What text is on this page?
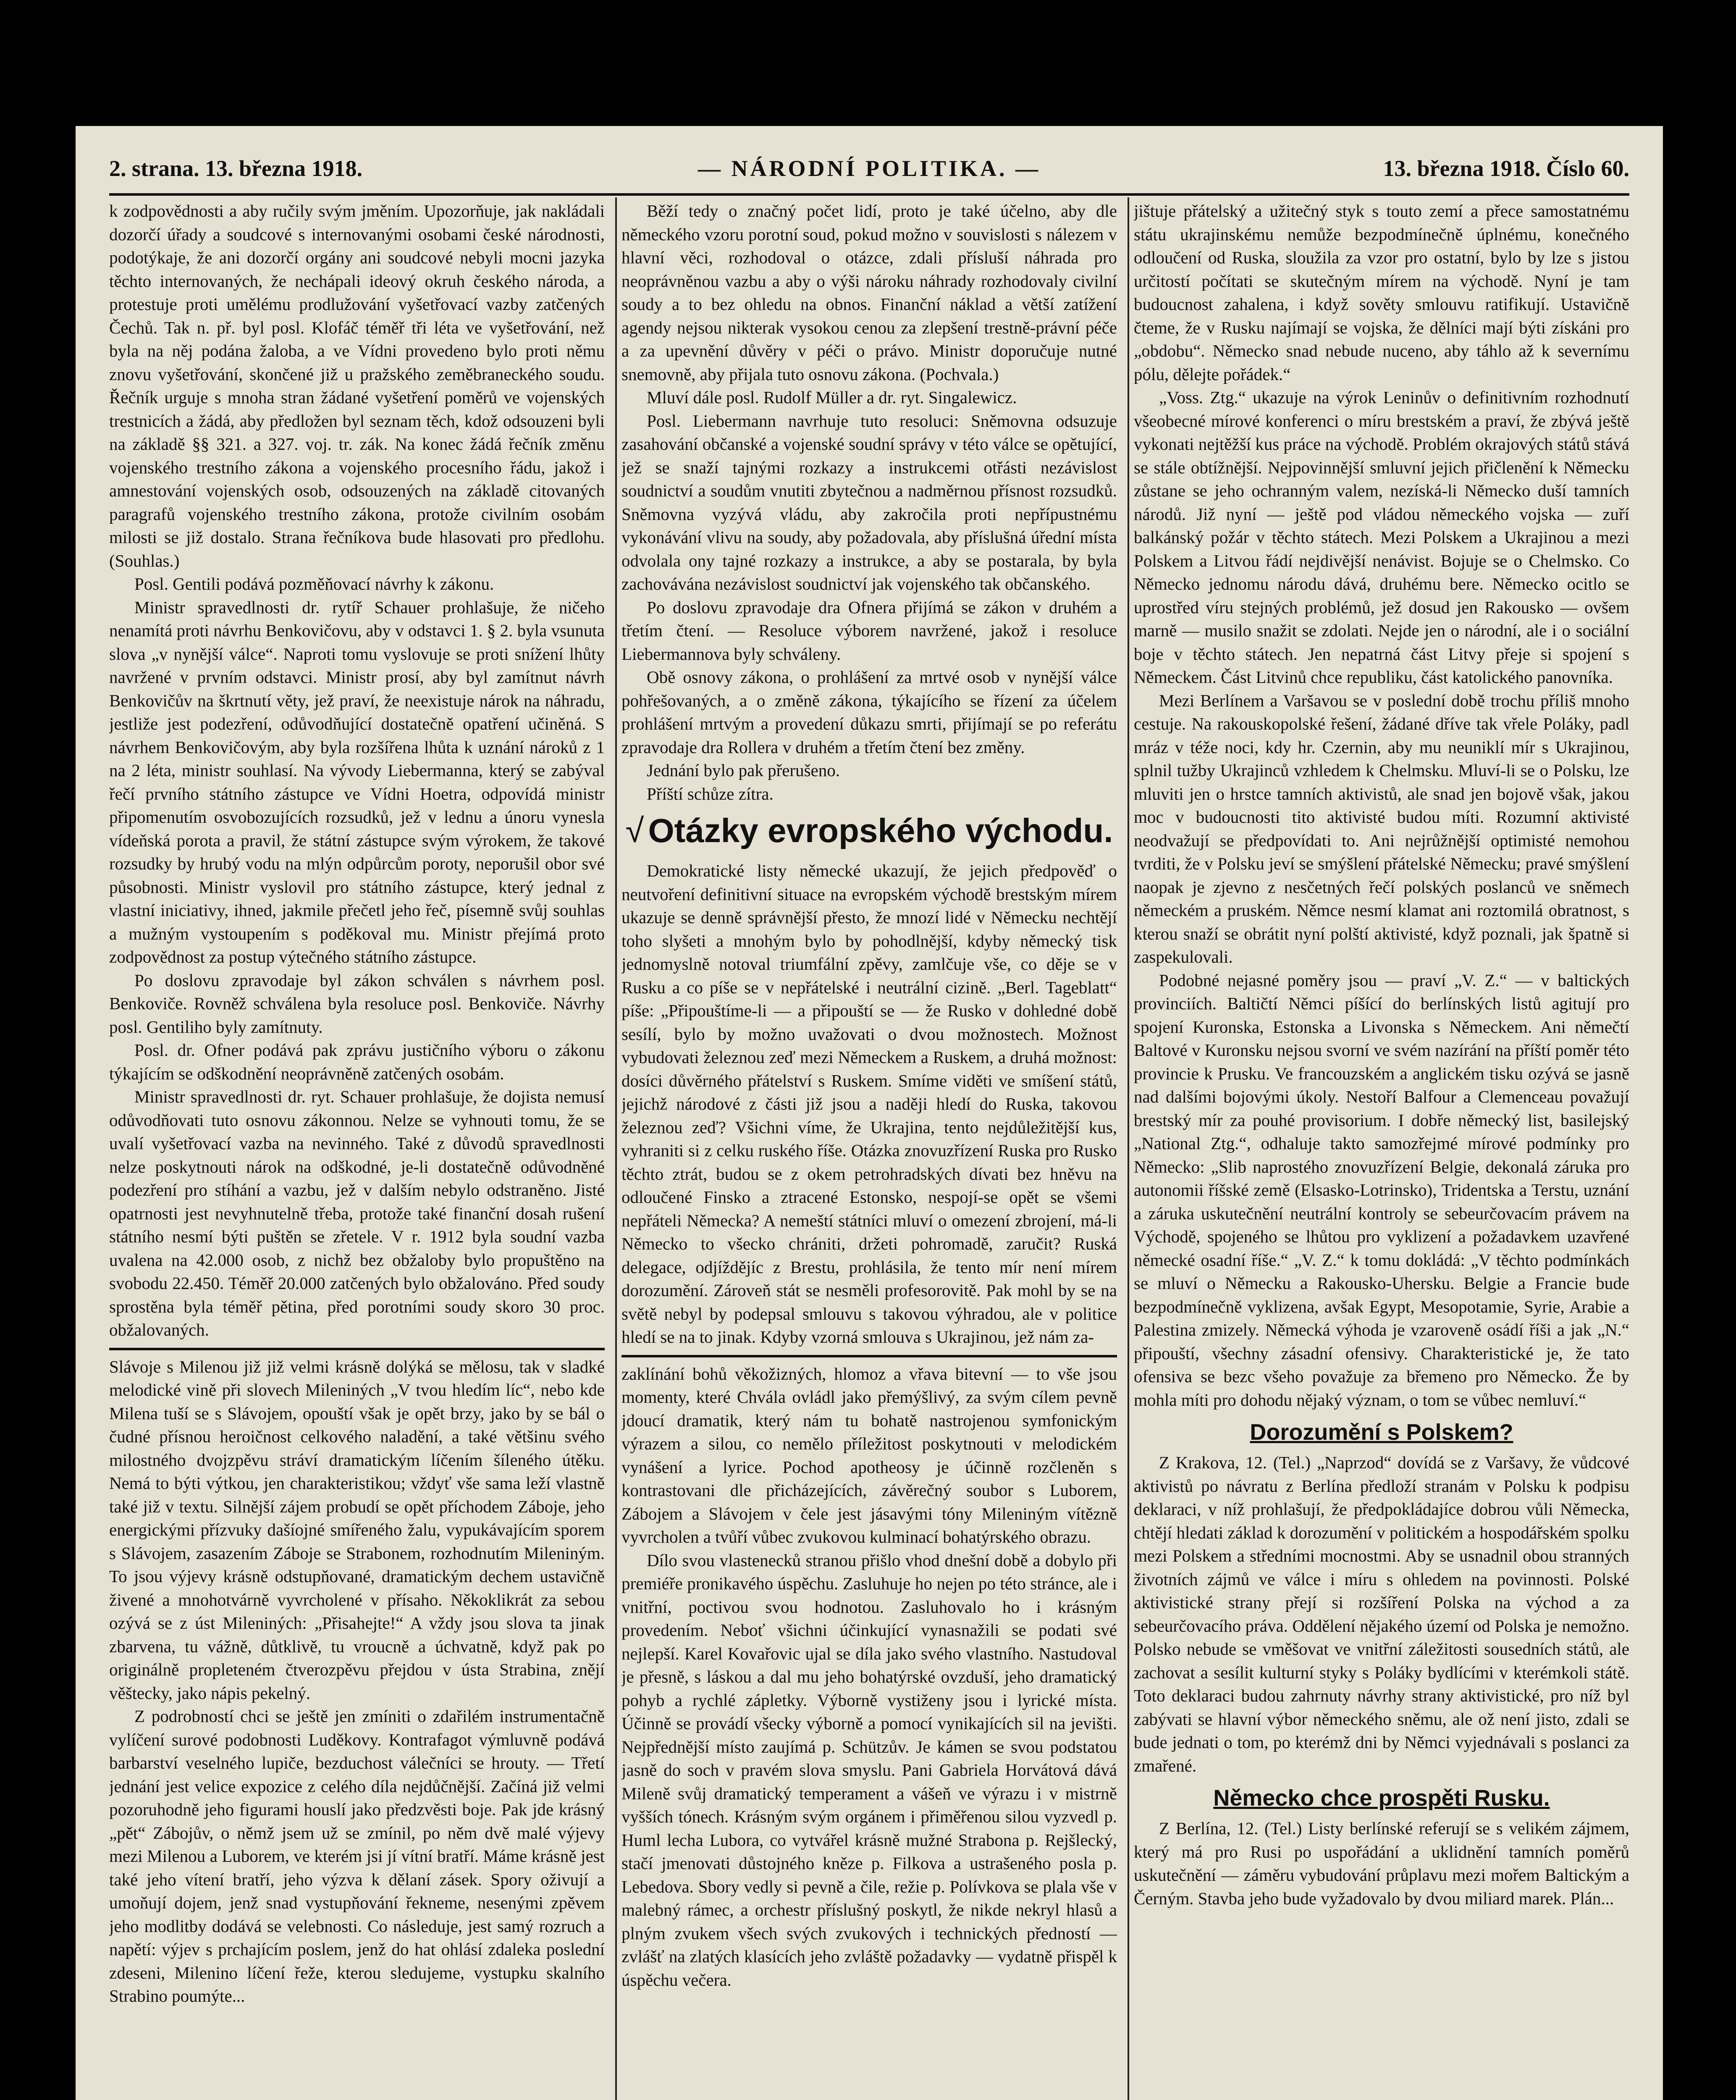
2. strana. 13. března 1918.	— NÁRODNÍ POLITIKA. —	13. března 1918. Číslo 60.

k zodpovědnosti a aby ručily svým jměním. Upozorňuje, jak nakládali dozorčí úřady a soudcové s internovanými osobami české národnosti, podotýkaje, že ani dozorčí orgány ani soudcové nebyli mocni jazyka těchto internovaných, že nechápali ideový okruh českého národa, a protestuje proti umělému prodlužování vyšetřovací vazby zatčených Čechů. Tak n. př. byl posl. Klofáč téměř tři léta ve vyšetřování, než byla na něj podána žaloba, a ve Vídni provedeno bylo proti němu znovu vyšetřování, skončené již u pražského zeměbraneckého soudu. Řečník urguje s mnoha stran žádané vyšetření poměrů ve vojenských trestnicích a žádá, aby předložen byl seznam těch, kdož odsouzeni byli na základě §§ 321. a 327. voj. tr. zák. Na konec žádá řečník změnu vojenského trestního zákona a vojenského procesního řádu, jakož i amnestování vojenských osob, odsouzených na základě citovaných paragrafů vojenského trestního zákona, protože civilním osobám milosti se již dostalo. Strana řečníkova bude hlasovati pro předlohu. (Souhlas.)

Posl. Gentili podává pozměňovací návrhy k zákonu.

Ministr spravedlnosti dr. rytíř Schauer prohlašuje, že ničeho nenamítá proti návrhu Benkovičovu, aby v odstavci 1. § 2. byla vsunuta slova „v nynější válce“. Naproti tomu vyslovuje se proti snížení lhůty navržené v prvním odstavci. Ministr prosí, aby byl zamítnut návrh Benkovičův na škrtnutí věty, jež praví, že neexistuje nárok na náhradu, jestliže jest podezření, odůvodňující dostatečně opatření učiněná. S návrhem Benkovičovým, aby byla rozšířena lhůta k uznání nároků z 1 na 2 léta, ministr souhlasí. Na vývody Liebermanna, který se zabýval řečí prvního státního zástupce ve Vídni Hoetra, odpovídá ministr připomenutím osvobozujících rozsudků, jež v lednu a únoru vynesla vídeňská porota a pravil, že státní zástupce svým výrokem, že takové rozsudky by hrubý vodu na mlýn odpůrcům poroty, neporušil obor své působnosti. Ministr vyslovil pro státního zástupce, který jednal z vlastní iniciativy, ihned, jakmile přečetl jeho řeč, písemně svůj souhlas a mužným vystoupením s poděkoval mu. Ministr přejímá proto zodpovědnost za postup výtečného státního zástupce.

Po doslovu zpravodaje byl zákon schválen s návrhem posl. Benkoviče. Rovněž schválena byla resoluce posl. Benkoviče. Návrhy posl. Gentiliho byly zamítnuty.

Posl. dr. Ofner podává pak zprávu justičního výboru o zákonu týkajícím se odškodnění neoprávněně zatčených osobám.

Ministr spravedlnosti dr. ryt. Schauer prohlašuje, že dojista nemusí odůvodňovati tuto osnovu zákonnou. Nelze se vyhnouti tomu, že se uvalí vyšetřovací vazba na nevinného. Také z důvodů spravedlnosti nelze poskytnouti nárok na odškodné, je-li dostatečně odůvodněné podezření pro stíhání a vazbu, jež v dalším nebylo odstraněno. Jisté opatrnosti jest nevyhnutelně třeba, protože také finanční dosah rušení státního nesmí býti puštěn se zřetele. V r. 1912 byla soudní vazba uvalena na 42.000 osob, z nichž bez obžaloby bylo propuštěno na svobodu 22.450. Téměř 20.000 zatčených bylo obžalováno. Před soudy sprostěna byla téměř pětina, před porotními soudy skoro 30 proc. obžalovaných.

Slávoje s Milenou již již velmi krásně dolýká se mělosu, tak v sladké melodické vině při slovech Mileniných „V tvou hledím líc“, nebo kde Milena tuší se s Slávojem, opouští však je opět brzy, jako by se bál o čudné přísnou heroičnost celkového naladění, a také většinu svého milostného dvojzpěvu stráví dramatickým líčením šíleného útěku. Nemá to býti výtkou, jen charakteristikou; vždyť vše sama leží vlastně také již v textu. Silnější zájem probudí se opět příchodem Záboje, jeho energickými přízvuky dašíojné smířeného žalu, vypukávajícím sporem s Slávojem, zasazením Záboje se Strabonem, rozhodnutím Mileniným. To jsou výjevy krásně odstupňované, dramatickým dechem ustavičně živené a mnohotvárně vyvrcholené v přísaho. Někoklikrát za sebou ozývá se z úst Mileniných: „Přisahejte!“ A vždy jsou slova ta jinak zbarvena, tu vážně, důtklivě, tu vroucně a úchvatně, když pak po originálně propleteném čtverozpěvu přejdou v ústa Strabina, znějí věštecky, jako nápis pekelný.

Z podrobností chci se ještě jen zmíniti o zdařilém instrumentačně vylíčení surové podobnosti Luděkovy. Kontrafagot výmluvně podává barbarství veselného lupiče, bezduchost válečníci se hrouty. — Třetí jednání jest velice expozice z celého díla nejdůčnější. Začíná již velmi pozoruhodně jeho figurami houslí jako předzvěsti boje. Pak jde krásný „pět“ Zábojův, o němž jsem už se zmínil, po něm dvě malé výjevy mezi Milenou a Luborem, ve kterém jsi jí vítní bratří. Máme krásně jest také jeho vítení bratří, jeho výzva k dělaní zásek. Spory oživují a umoňují dojem, jenž snad vystupňování řekneme, nesenými zpěvem jeho modlitby dodává se velebnosti. Co následuje, jest samý rozruch a napětí: výjev s prchajícím poslem, jenž do hat ohlásí zdaleka poslední zdeseni, Milenino líčení řeže, kterou sledujeme, vystupku skalního Strabino poumýte...

Běží tedy o značný počet lidí, proto je také účelno, aby dle německého vzoru porotní soud, pokud možno v souvislosti s nálezem v hlavní věci, rozhodoval o otázce, zdali přísluší náhrada pro neoprávněnou vazbu a aby o výši nároku náhrady rozhodovaly civilní soudy a to bez ohledu na obnos. Finanční náklad a větší zatížení agendy nejsou nikterak vysokou cenou za zlepšení trestně-právní péče a za upevnění důvěry v péči o právo. Ministr doporučuje nutné snemovně, aby přijala tuto osnovu zákona. (Pochvala.)

Mluví dále posl. Rudolf Müller a dr. ryt. Singalewicz.

Posl. Liebermann navrhuje tuto resoluci: Sněmovna odsuzuje zasahování občanské a vojenské soudní správy v této válce se opětující, jež se snaží tajnými rozkazy a instrukcemi otřásti nezávislost soudnictví a soudům vnutiti zbytečnou a nadměrnou přísnost rozsudků. Sněmovna vyzývá vládu, aby zakročila proti nepřípustnému vykonávání vlivu na soudy, aby požadovala, aby příslušná úřední místa odvolala ony tajné rozkazy a instrukce, a aby se postarala, by byla zachovávána nezávislost soudnictví jak vojenského tak občanského.

Po doslovu zpravodaje dra Ofnera přijímá se zákon v druhém a třetím čtení. — Resoluce výborem navržené, jakož i resoluce Liebermannova byly schváleny.

Obě osnovy zákona, o prohlášení za mrtvé osob v nynější válce pohřešovaných, a o změně zákona, týkajícího se řízení za účelem prohlášení mrtvým a provedení důkazu smrti, přijímají se po referátu zpravodaje dra Rollera v druhém a třetím čtení bez změny.

Jednání bylo pak přerušeno.

Příští schůze zítra.

√ Otázky evropského východu.

Demokratické listy německé ukazují, že jejich předpověď o neutvoření definitivní situace na evropském východě brestským mírem ukazuje se denně správnější přesto, že mnozí lidé v Německu nechtějí toho slyšeti a mnohým bylo by pohodlnější, kdyby německý tisk jednomyslně notoval triumfální zpěvy, zamlčuje vše, co děje se v Rusku a co píše se v nepřátelské i neutrální cizině. „Berl. Tageblatt“ píše: „Připouštíme-li — a připouští se — že Rusko v dohledné době sesílí, bylo by možno uvažovati o dvou možnostech. Možnost vybudovati železnou zeď mezi Německem a Ruskem, a druhá možnost: dosíci důvěrného přátelství s Ruskem. Smíme viděti ve smíšení států, jejichž národové z části již jsou a naději hledí do Ruska, takovou železnou zeď? Všichni víme, že Ukrajina, tento nejdůležitější kus, vyhraniti si z celku ruského říše. Otázka znovuzřízení Ruska pro Rusko těchto ztrát, budou se z okem petrohradských dívati bez hněvu na odloučené Finsko a ztracené Estonsko, nespojí-se opět se všemi nepřáteli Německa? A nemeští státníci mluví o omezení zbrojení, má-li Německo to všecko chrániti, držeti pohromadě, zaručit? Ruská delegace, odjíždějíc z Brestu, prohlásila, že tento mír není mírem dorozumění. Zároveň stát se nesměli profesorovitě. Pak mohl by se na světě nebyl by podepsal smlouvu s takovou výhradou, ale v politice hledí se na to jinak. Kdyby vzorná smlouva s Ukrajinou, jež nám za-

zaklínání bohů věkožizných, hlomoz a vřava bitevní — to vše jsou momenty, které Chvála ovládl jako přemýšlivý, za svým cílem pevně jdoucí dramatik, který nám tu bohatě nastrojenou symfonickým výrazem a silou, co nemělo příležitost poskytnouti v melodickém vynášení a lyrice. Pochod apotheosy je účinně rozčleněn s kontrastovani dle přicházejících, závěrečný soubor s Luborem, Zábojem a Slávojem v čele jest jásavými tóny Mileniným vítězně vyvrcholen a tvůří vůbec zvukovou kulminací bohatýrského obrazu.

Dílo svou vlastenecků stranou přišlo vhod dnešní době a dobylo při premiéře pronikavého úspěchu. Zasluhuje ho nejen po této stránce, ale i vnitřní, poctivou svou hodnotou. Zasluhovalo ho i krásným provedením. Neboť všichni účinkující vynasnažili se podati své nejlepší. Karel Kovařovic ujal se díla jako svého vlastního. Nastudoval je přesně, s láskou a dal mu jeho bohatýrské ovzduší, jeho dramatický pohyb a rychlé zápletky. Výborně vystiženy jsou i lyrické místa. Účinně se provádí všecky výborně a pomocí vynikajících sil na jevišti. Nejpřednější místo zaujímá p. Schützův. Je kámen se svou podstatou jasně do soch v pravém slova smyslu. Pani Gabriela Horvátová dává Mileně svůj dramatický temperament a vášeň ve výrazu i v mistrně vyšších tónech. Krásným svým orgánem i přiměřenou silou vyzvedl p. Huml lecha Lubora, co vytvářel krásně mužné Strabona p. Rejšlecký, stačí jmenovati důstojného kněze p. Filkova a ustrašeného posla p. Lebedova. Sbory vedly si pevně a čile, režie p. Polívkova se plala vše v malebný rámec, a orchestr příslušný poskytl, že nikde nekryl hlasů a plným zvukem všech svých zvukových i technických předností — zvlášť na zlatých klasících jeho zvláště požadavky — vydatně přispěl k úspěchu večera.

jištuje přátelský a užitečný styk s touto zemí a přece samostatnému státu ukrajinskému nemůže bezpodmínečně úplnému, konečného odloučení od Ruska, sloužila za vzor pro ostatní, bylo by lze s jistou určitostí počítati se skutečným mírem na východě. Nyní je tam budoucnost zahalena, i když sověty smlouvu ratifikují. Ustavičně čteme, že v Rusku najímají se vojska, že dělníci mají býti získáni pro „obdobu“. Německo snad nebude nuceno, aby táhlo až k severnímu pólu, dělejte pořádek.“

„Voss. Ztg.“ ukazuje na výrok Leninův o definitivním rozhodnutí všeobecné mírové konferenci o míru brestském a praví, že zbývá ještě vykonati nejtěžší kus práce na východě. Problém okrajových států stává se stále obtížnější. Nejpovinnější smluvní jejich přičlenění k Německu zůstane se jeho ochranným valem, nezíská-li Německo duší tamních národů. Již nyní — ještě pod vládou německého vojska — zuří balkánský požár v těchto státech. Mezi Polskem a Ukrajinou a mezi Polskem a Litvou řádí nejdivější nenávist. Bojuje se o Chelmsko. Co Německo jednomu národu dává, druhému bere. Německo ocitlo se uprostřed víru stejných problémů, jež dosud jen Rakousko — ovšem marně — musilo snažit se zdolati. Nejde jen o národní, ale i o sociální boje v těchto státech. Jen nepatrná část Litvy přeje si spojení s Německem. Část Litvinů chce republiku, část katolického panovníka.

Mezi Berlínem a Varšavou se v poslední době trochu příliš mnoho cestuje. Na rakouskopolské řešení, žádané dříve tak vřele Poláky, padl mráz v téže noci, kdy hr. Czernin, aby mu neuniklí mír s Ukrajinou, splnil tužby Ukrajinců vzhledem k Chelmsku. Mluví-li se o Polsku, lze mluviti jen o hrstce tamních aktivistů, ale snad jen bojově však, jakou moc v budoucnosti tito aktivisté budou míti. Rozumní aktivisté neodvažují se předpovídati to. Ani nejrůžnější optimisté nemohou tvrditi, že v Polsku jeví se smýšlení přátelské Německu; pravé smýšlení naopak je zjevno z nesčetných řečí polských poslanců ve sněmech německém a pruském. Němce nesmí klamat ani roztomilá obratnost, s kterou snaží se obrátit nyní polští aktivisté, když poznali, jak špatně si zaspekulovali.

Podobné nejasné poměry jsou — praví „V. Z.“ — v baltických provinciích. Baltičtí Němci píšící do berlínských listů agitují pro spojení Kuronska, Estonska a Livonska s Německem. Ani němečtí Baltové v Kuronsku nejsou svorní ve svém nazírání na příští poměr této provincie k Prusku. Ve francouzském a anglickém tisku ozývá se jasně nad dalšími bojovými úkoly. Nestoří Balfour a Clemenceau považují brestský mír za pouhé provisorium. I dobře německý list, basilejský „National Ztg.“, odhaluje takto samozřejmé mírové podmínky pro Německo: „Slib naprostého znovuzřízení Belgie, dekonalá záruka pro autonomii říšské země (Elsasko-Lotrinsko), Tridentska a Terstu, uznání a záruka uskutečnění neutrální kontroly se sebeurčovacím právem na Východě, spojeného se lhůtou pro vyklizení a požadavkem uzavřené německé osadní říše.“ „V. Z.“ k tomu dokládá: „V těchto podmínkách se mluví o Německu a Rakousko-Uhersku. Belgie a Francie bude bezpodmínečně vyklizena, avšak Egypt, Mesopotamie, Syrie, Arabie a Palestina zmizely. Německá výhoda je vzaroveně osádí říši a jak „N.“ připouští, všechny zásadní ofensivy. Charakteristické je, že tato ofensiva se bezc všeho považuje za břemeno pro Německo. Že by mohla míti pro dohodu nějaký význam, o tom se vůbec nemluví.“

Dorozumění s Polskem?

Z Krakova, 12. (Tel.) „Naprzod“ dovídá se z Varšavy, že vůdcové aktivistů po návratu z Berlína předloží stranám v Polsku k podpisu deklaraci, v níž prohlašují, že předpokládajíce dobrou vůli Německa, chtějí hledati základ k dorozumění v politickém a hospodářském spolku mezi Polskem a středními mocnostmi. Aby se usnadnil obou stranných životních zájmů ve válce i míru s ohledem na povinnosti. Polské aktivistické strany přejí si rozšíření Polska na východ a za sebeurčovacího práva. Oddělení nějakého území od Polska je nemožno. Polsko nebude se vměšovat ve vnitřní záležitosti sousedních států, ale zachovat a sesílit kulturní styky s Poláky bydlícími v kterémkoli státě. Toto deklaraci budou zahrnuty návrhy strany aktivistické, pro níž byl zabývati se hlavní výbor německého sněmu, ale ož není jisto, zdali se bude jednati o tom, po kterémž dni by Němci vyjednávali s poslanci za zmařené.

Německo chce prospěti Rusku.

Z Berlína, 12. (Tel.) Listy berlínské referují se s velikém zájmem, který má pro Rusi po uspořádání a uklidnění tamních poměrů uskutečnění — záměru vybudování průplavu mezi mořem Baltickým a Černým. Stavba jeho bude vyžadovalo by dvou miliard marek. Plán...
